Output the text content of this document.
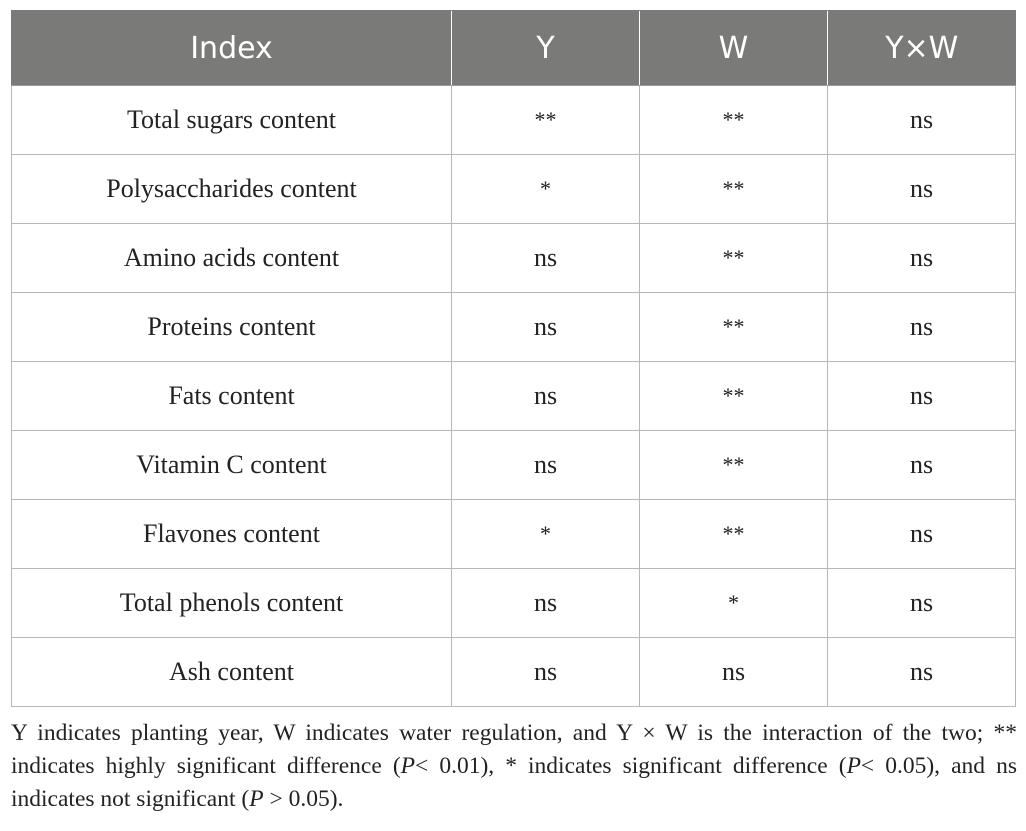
Index	Y	W	Y×W
Total sugars content	**	**	ns
Polysaccharides content	*	**	ns
Amino acids content	ns	**	ns
Proteins content	ns	**	ns
Fats content	ns	**	ns
Vitamin C content	ns	**	ns
Flavones content	*	**	ns
Total phenols content	ns	*	ns
Ash content	ns	ns	ns
Y indicates planting year, W indicates water regulation, and Y × W is the interaction of the two; ** indicates highly significant difference (P< 0.01), * indicates significant difference (P< 0.05), and ns indicates not significant (P > 0.05).
